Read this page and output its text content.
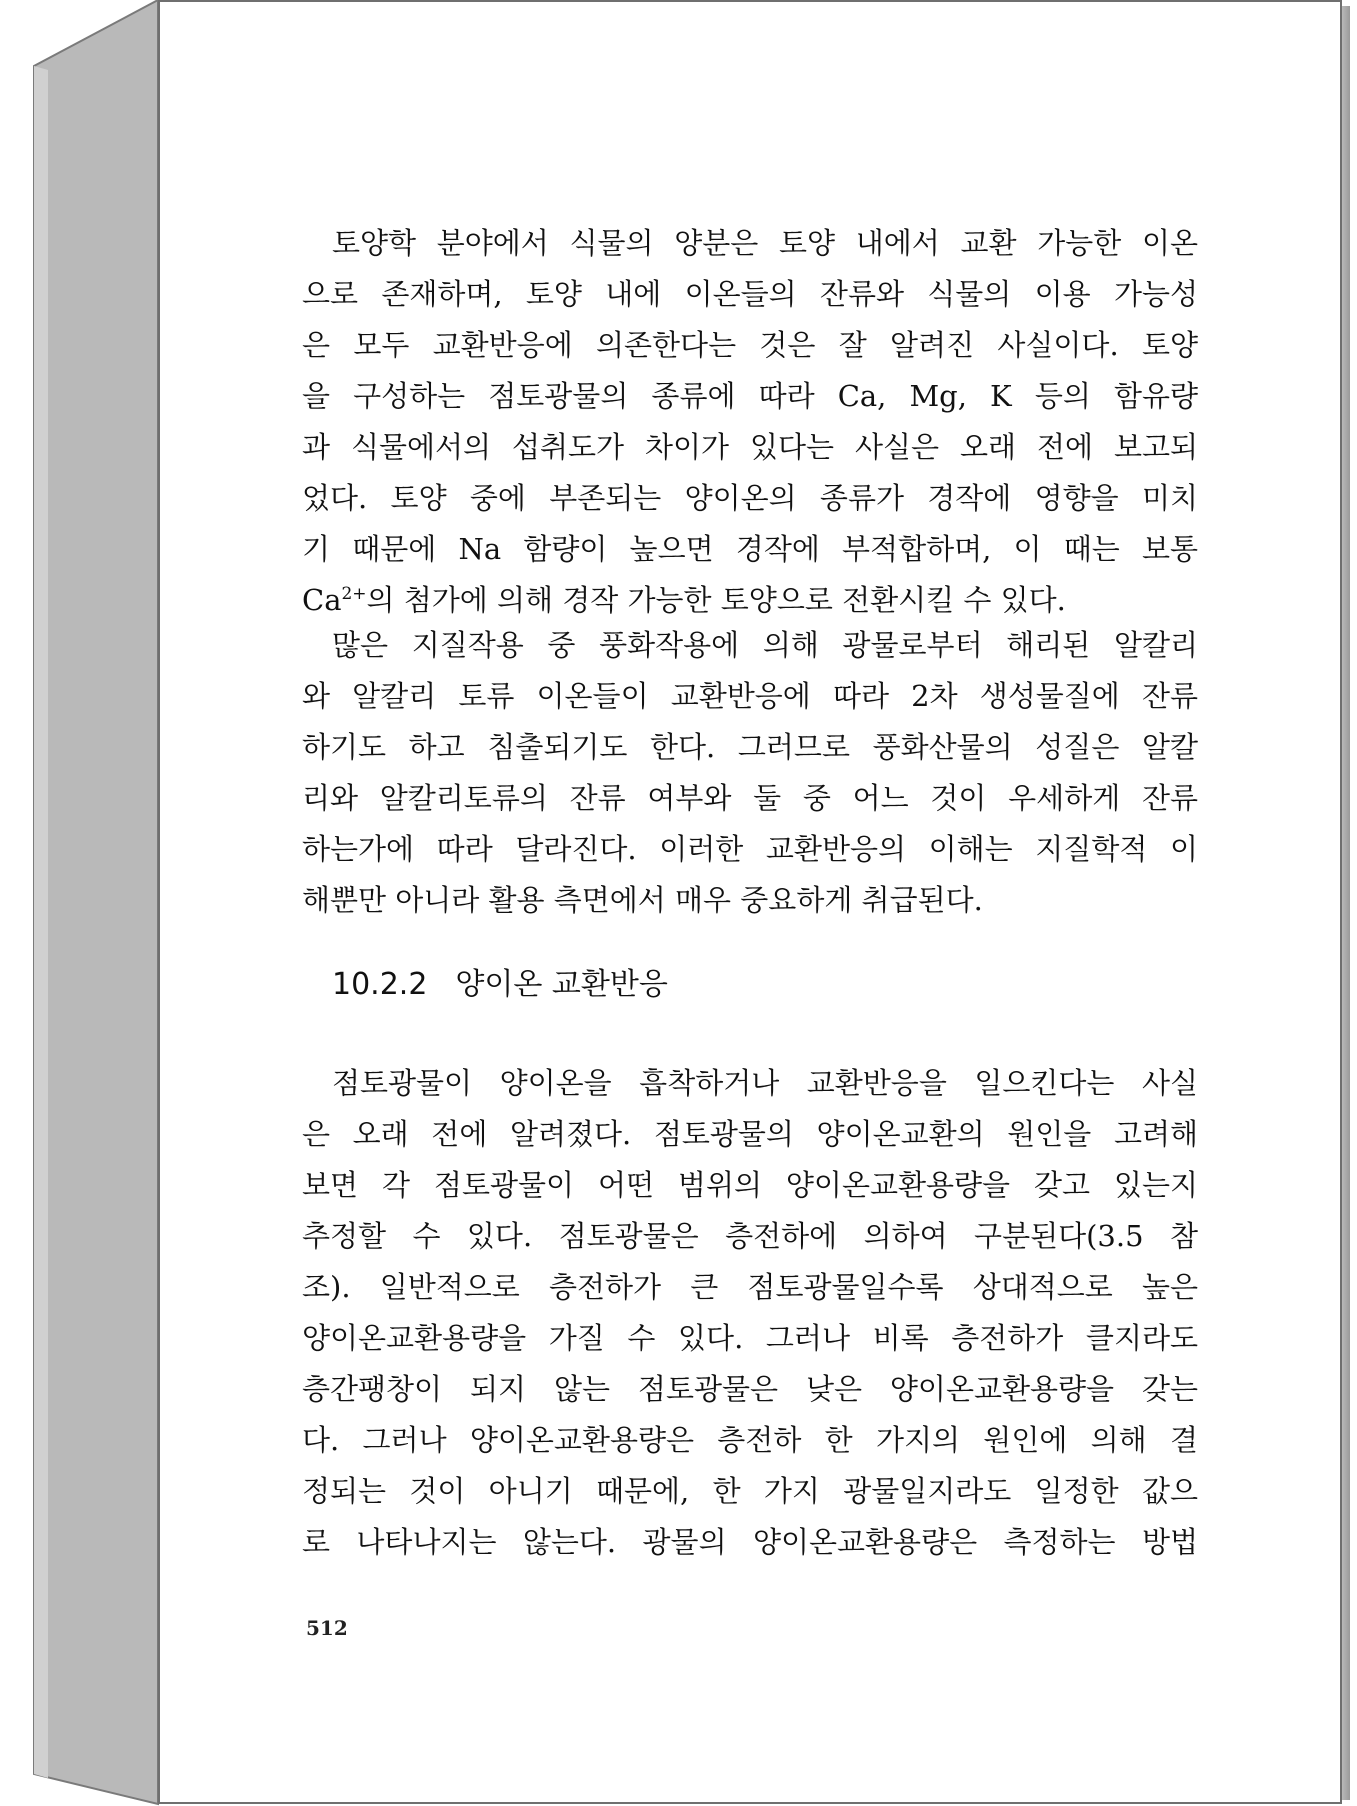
토양학 분야에서 식물의 양분은 토양 내에서 교환 가능한 이온
으로 존재하며, 토양 내에 이온들의 잔류와 식물의 이용 가능성
은 모두 교환반응에 의존한다는 것은 잘 알려진 사실이다. 토양
을 구성하는 점토광물의 종류에 따라 Ca, Mg, K 등의 함유량
과 식물에서의 섭취도가 차이가 있다는 사실은 오래 전에 보고되
었다. 토양 중에 부존되는 양이온의 종류가 경작에 영향을 미치
기 때문에 Na 함량이 높으면 경작에 부적합하며, 이 때는 보통
$Ca^{2+}$의 첨가에 의해 경작 가능한 토양으로 전환시킬 수 있다.
많은 지질작용 중 풍화작용에 의해 광물로부터 해리된 알칼리
와 알칼리 토류 이온들이 교환반응에 따라 2차 생성물질에 잔류
하기도 하고 침출되기도 한다. 그러므로 풍화산물의 성질은 알칼
리와 알칼리토류의 잔류 여부와 둘 중 어느 것이 우세하게 잔류
하는가에 따라 달라진다. 이러한 교환반응의 이해는 지질학적 이
해뿐만 아니라 활용 측면에서 매우 중요하게 취급된다.
10.2.2 양이온 교환반응
점토광물이 양이온을 흡착하거나 교환반응을 일으킨다는 사실
은 오래 전에 알려졌다. 점토광물의 양이온교환의 원인을 고려해
보면 각 점토광물이 어떤 범위의 양이온교환용량을 갖고 있는지
추정할 수 있다. 점토광물은 층전하에 의하여 구분된다(3.5 참
조). 일반적으로 층전하가 큰 점토광물일수록 상대적으로 높은
양이온교환용량을 가질 수 있다. 그러나 비록 층전하가 클지라도
층간팽창이 되지 않는 점토광물은 낮은 양이온교환용량을 갖는
다. 그러나 양이온교환용량은 층전하 한 가지의 원인에 의해 결
정되는 것이 아니기 때문에, 한 가지 광물일지라도 일정한 값으
로 나타나지는 않는다. 광물의 양이온교환용량은 측정하는 방법
512
